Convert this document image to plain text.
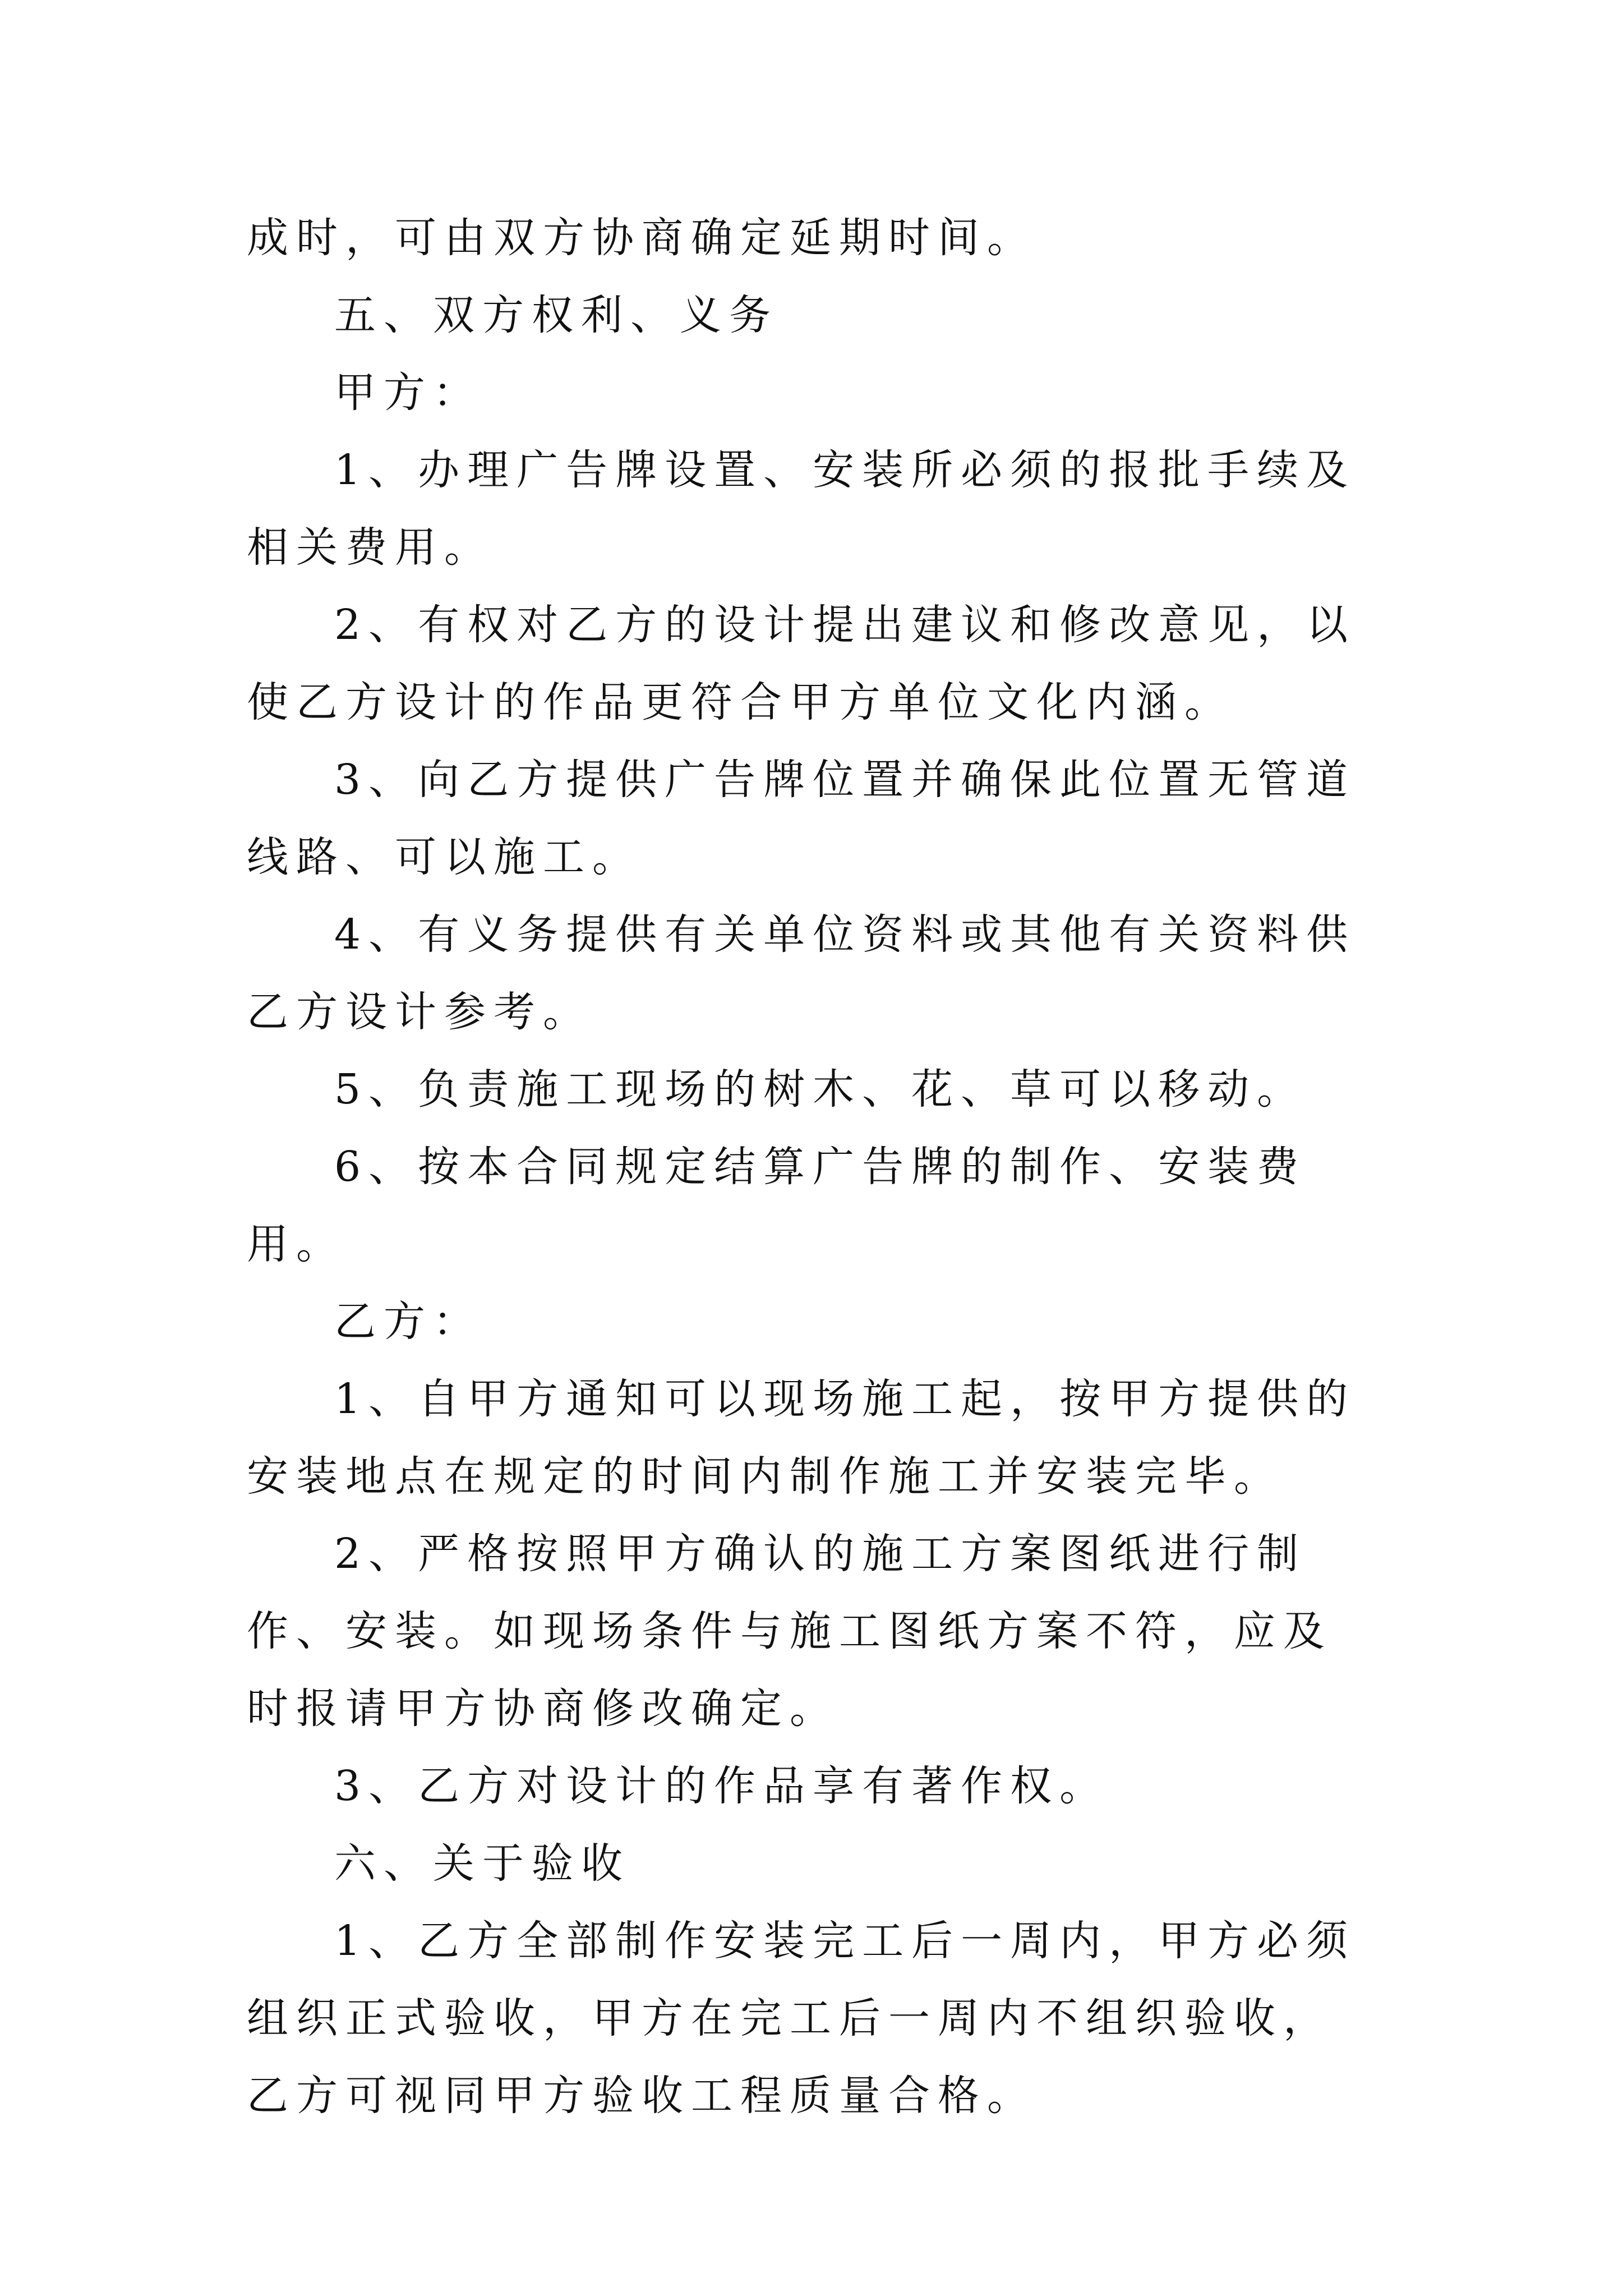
成时，可由双方协商确定延期时间。

五、双方权利、义务

甲方：

1、办理广告牌设置、安装所必须的报批手续及相关费用。

2、有权对乙方的设计提出建议和修改意见，以使乙方设计的作品更符合甲方单位文化内涵。

3、向乙方提供广告牌位置并确保此位置无管道线路、可以施工。

4、有义务提供有关单位资料或其他有关资料供乙方设计参考。

5、负责施工现场的树木、花、草可以移动。

6、按本合同规定结算广告牌的制作、安装费用。

乙方：

1、自甲方通知可以现场施工起，按甲方提供的安装地点在规定的时间内制作施工并安装完毕。

2、严格按照甲方确认的施工方案图纸进行制作、安装。如现场条件与施工图纸方案不符，应及时报请甲方协商修改确定。

3、乙方对设计的作品享有著作权。

六、关于验收

1、乙方全部制作安装完工后一周内，甲方必须组织正式验收，甲方在完工后一周内不组织验收，乙方可视同甲方验收工程质量合格。
